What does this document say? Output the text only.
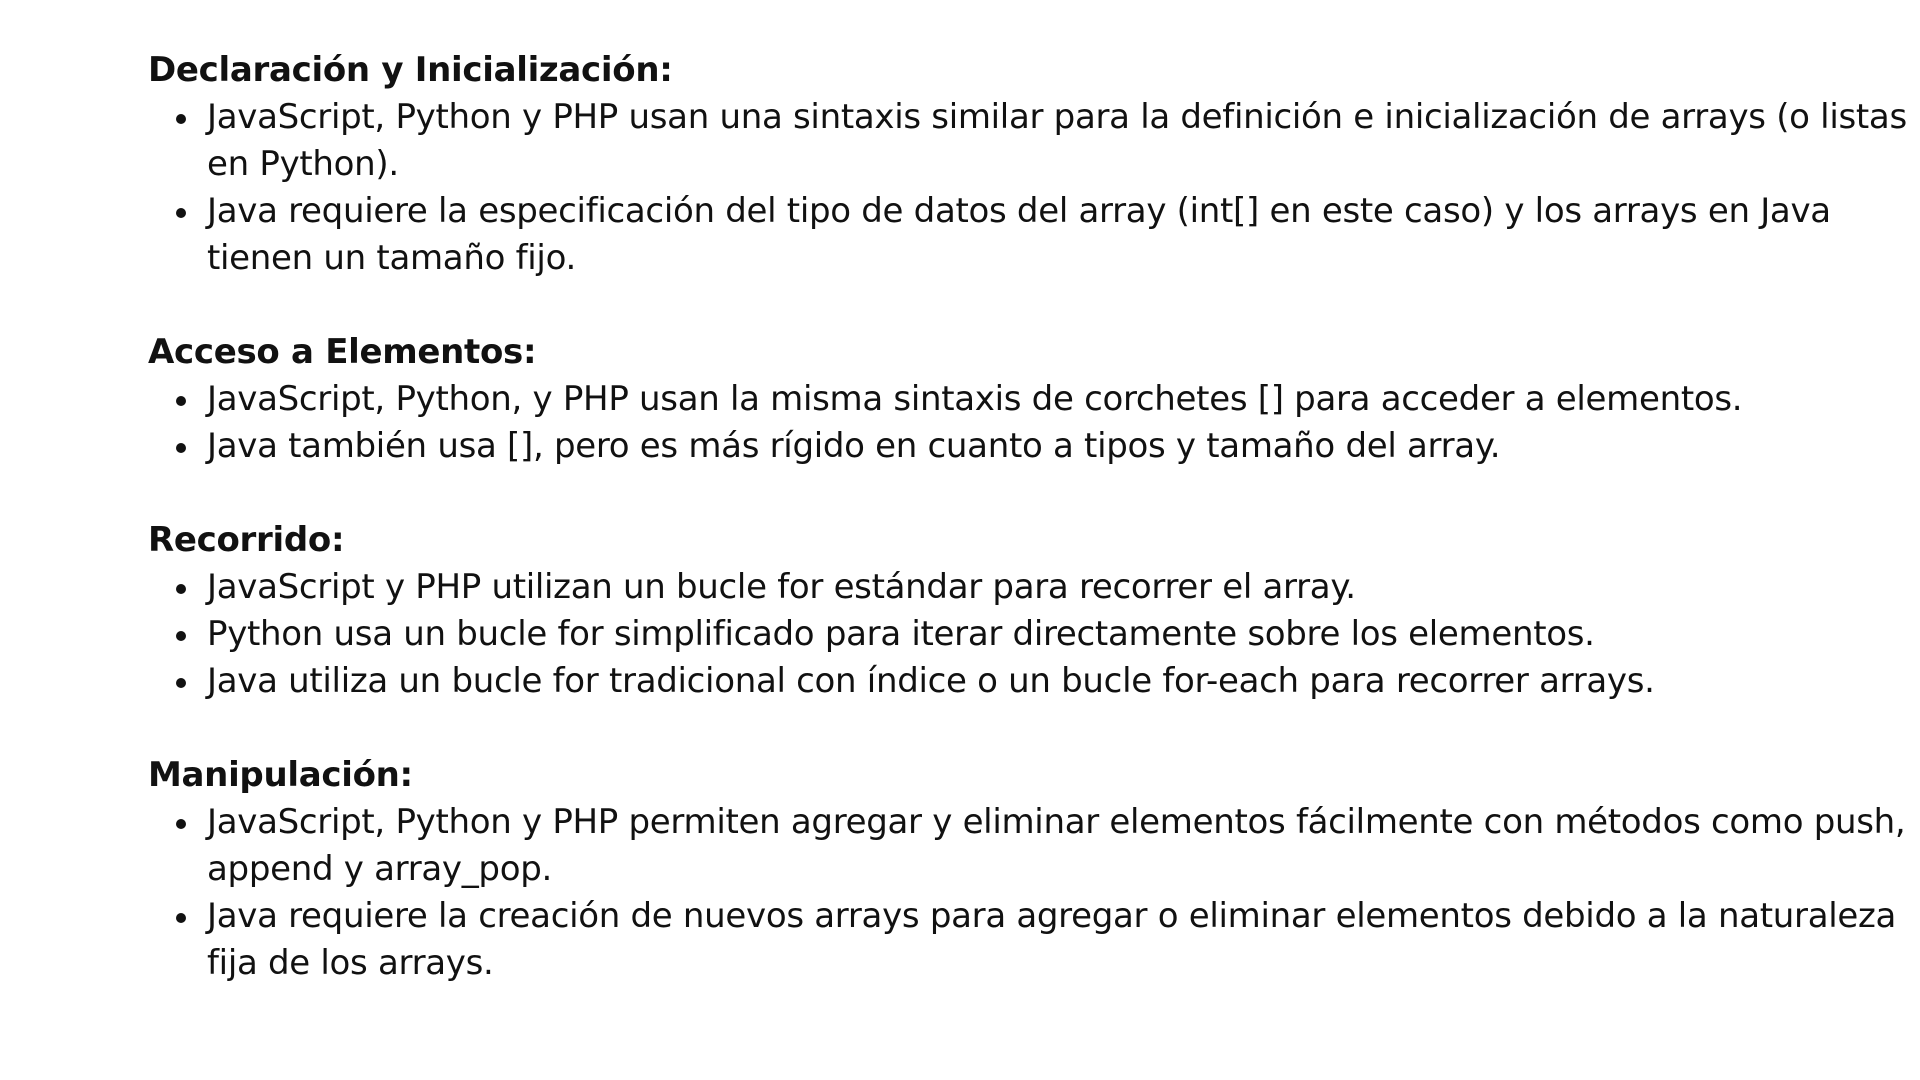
Declaración y Inicialización:
JavaScript, Python y PHP usan una sintaxis similar para la definición e inicialización de arrays (o listas en Python).
Java requiere la especificación del tipo de datos del array (int[] en este caso) y los arrays en Java tienen un tamaño fijo.
Acceso a Elementos:
JavaScript, Python, y PHP usan la misma sintaxis de corchetes [] para acceder a elementos.
Java también usa [], pero es más rígido en cuanto a tipos y tamaño del array.
Recorrido:
JavaScript y PHP utilizan un bucle for estándar para recorrer el array.
Python usa un bucle for simplificado para iterar directamente sobre los elementos.
Java utiliza un bucle for tradicional con índice o un bucle for-each para recorrer arrays.
Manipulación:
JavaScript, Python y PHP permiten agregar y eliminar elementos fácilmente con métodos como push, append y array_pop.
Java requiere la creación de nuevos arrays para agregar o eliminar elementos debido a la naturaleza fija de los arrays.
